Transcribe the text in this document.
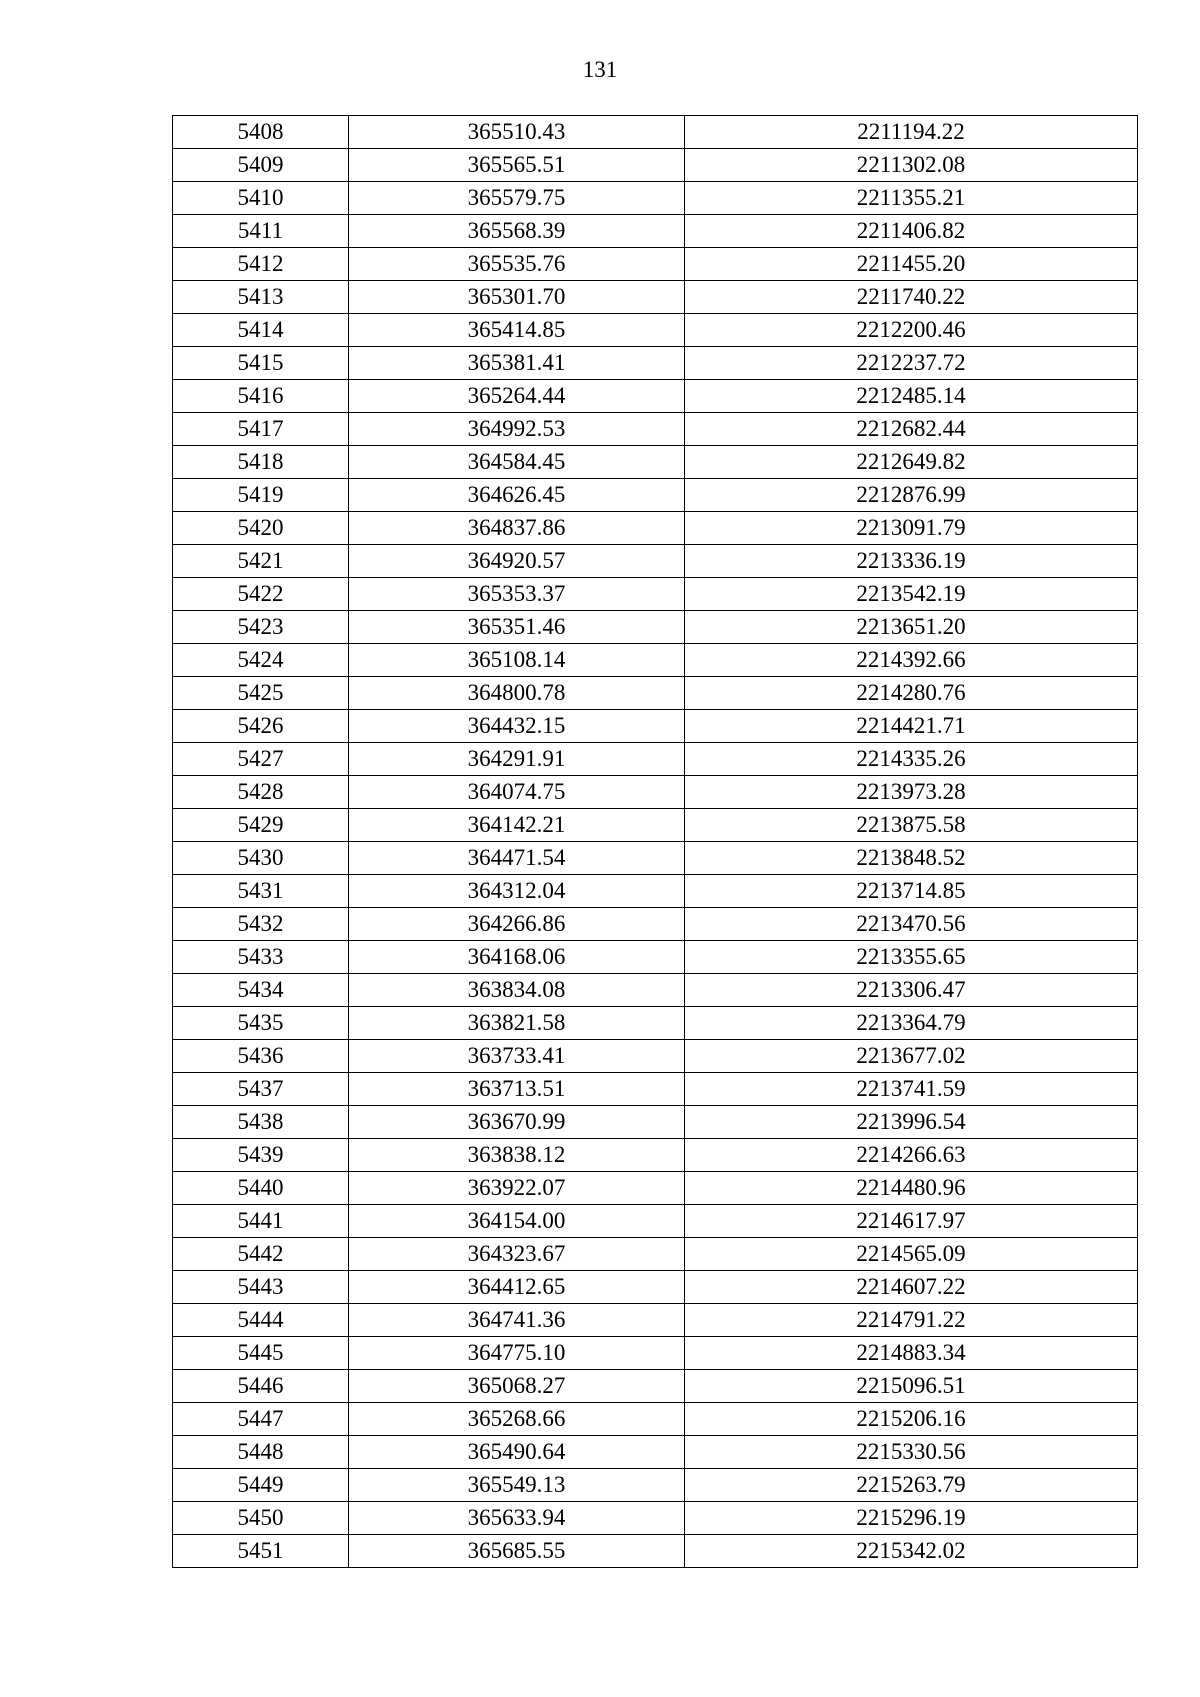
131
5408	365510.43	2211194.22
5409	365565.51	2211302.08
5410	365579.75	2211355.21
5411	365568.39	2211406.82
5412	365535.76	2211455.20
5413	365301.70	2211740.22
5414	365414.85	2212200.46
5415	365381.41	2212237.72
5416	365264.44	2212485.14
5417	364992.53	2212682.44
5418	364584.45	2212649.82
5419	364626.45	2212876.99
5420	364837.86	2213091.79
5421	364920.57	2213336.19
5422	365353.37	2213542.19
5423	365351.46	2213651.20
5424	365108.14	2214392.66
5425	364800.78	2214280.76
5426	364432.15	2214421.71
5427	364291.91	2214335.26
5428	364074.75	2213973.28
5429	364142.21	2213875.58
5430	364471.54	2213848.52
5431	364312.04	2213714.85
5432	364266.86	2213470.56
5433	364168.06	2213355.65
5434	363834.08	2213306.47
5435	363821.58	2213364.79
5436	363733.41	2213677.02
5437	363713.51	2213741.59
5438	363670.99	2213996.54
5439	363838.12	2214266.63
5440	363922.07	2214480.96
5441	364154.00	2214617.97
5442	364323.67	2214565.09
5443	364412.65	2214607.22
5444	364741.36	2214791.22
5445	364775.10	2214883.34
5446	365068.27	2215096.51
5447	365268.66	2215206.16
5448	365490.64	2215330.56
5449	365549.13	2215263.79
5450	365633.94	2215296.19
5451	365685.55	2215342.02
